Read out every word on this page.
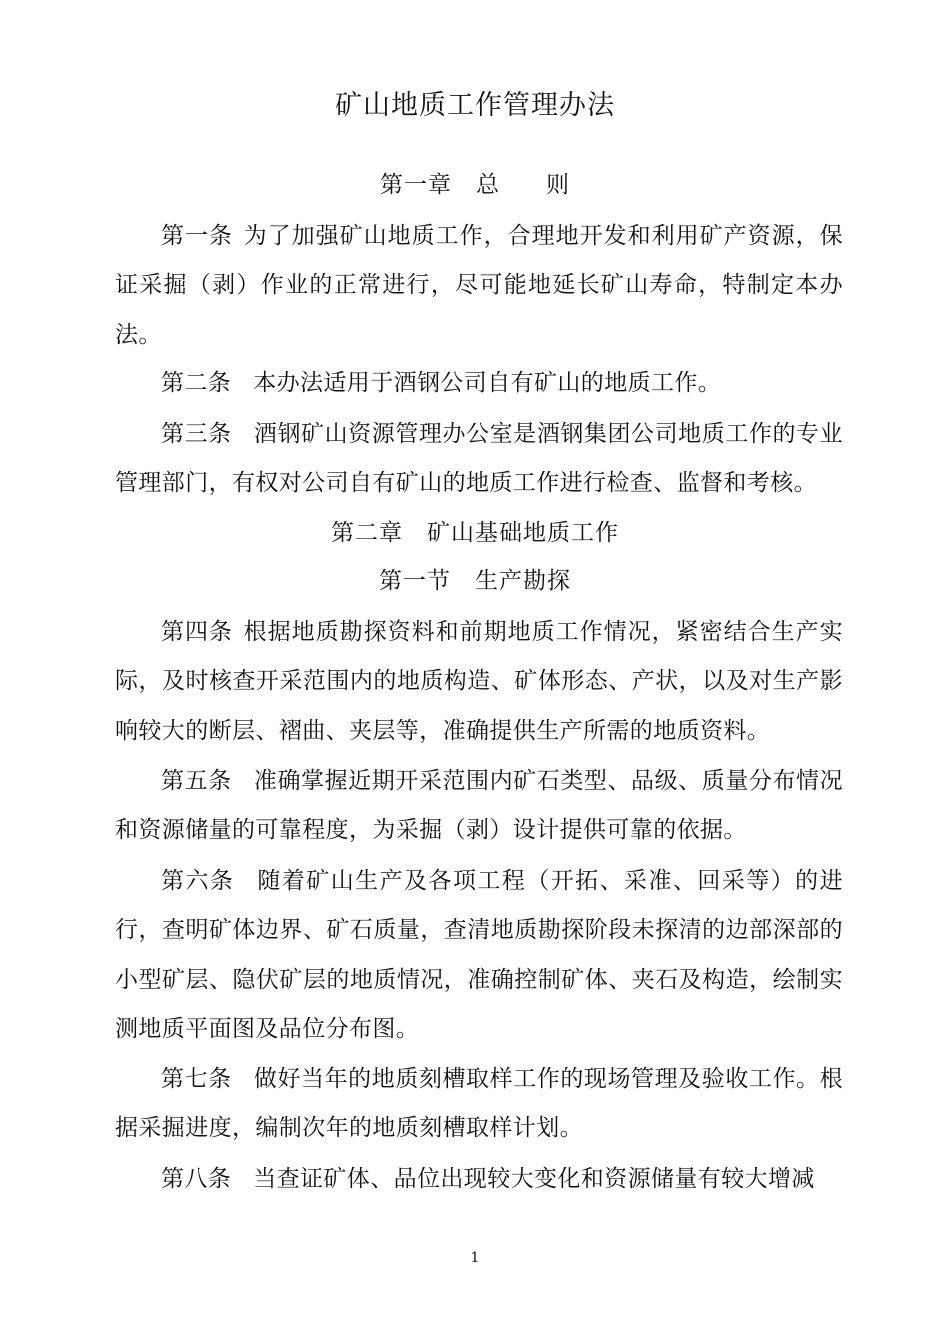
矿山地质工作管理办法
第一章 总 则
第一条 为了加强矿山地质工作，合理地开发和利用矿产资源，保证采掘（剥）作业的正常进行，尽可能地延长矿山寿命，特制定本办法。
第二条 本办法适用于酒钢公司自有矿山的地质工作。
第三条 酒钢矿山资源管理办公室是酒钢集团公司地质工作的专业管理部门，有权对公司自有矿山的地质工作进行检查、监督和考核。
第二章 矿山基础地质工作
第一节 生产勘探
第四条 根据地质勘探资料和前期地质工作情况，紧密结合生产实际，及时核查开采范围内的地质构造、矿体形态、产状，以及对生产影响较大的断层、褶曲、夹层等，准确提供生产所需的地质资料。
第五条 准确掌握近期开采范围内矿石类型、品级、质量分布情况和资源储量的可靠程度，为采掘（剥）设计提供可靠的依据。
第六条 随着矿山生产及各项工程（开拓、采准、回采等）的进行，查明矿体边界、矿石质量，查清地质勘探阶段未探清的边部深部的小型矿层、隐伏矿层的地质情况，准确控制矿体、夹石及构造，绘制实测地质平面图及品位分布图。
第七条 做好当年的地质刻槽取样工作的现场管理及验收工作。根据采掘进度，编制次年的地质刻槽取样计划。
第八条 当查证矿体、品位出现较大变化和资源储量有较大增减
1
